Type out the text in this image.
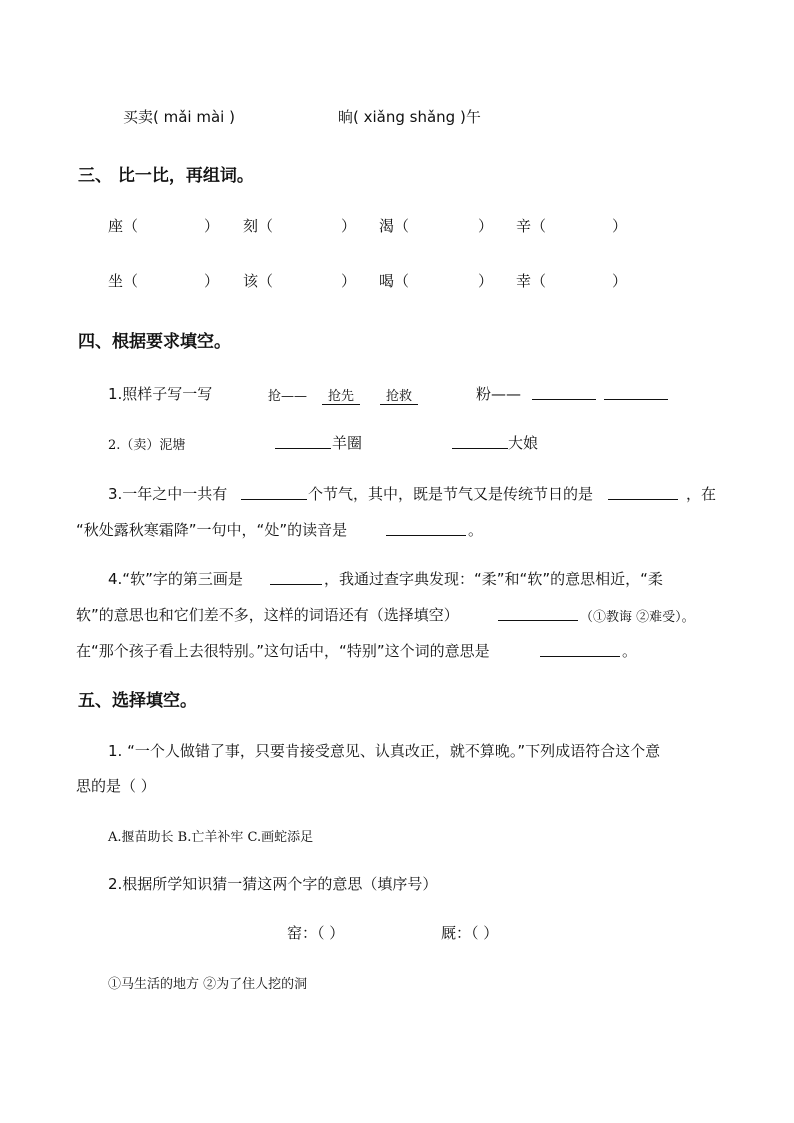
买卖( mǎi mài )	晌( xiǎng shǎng )午
三、 比一比，再组词。
座（	） 刻（	） 渴（	） 辛（	）
坐（	） 该（	） 喝（	） 幸（	）
四、根据要求填空。
1.照样子写一写	抢——	抢先	抢救	粉——
2.（卖）泥塘	羊圈	大娘
3.一年之中一共有	个节气，其中，既是节气又是传统节日的是	，在
“秋处露秋寒霜降”一句中，“处”的读音是	。
4.“软”字的第三画是	，我通过查字典发现：“柔”和“软”的意思相近，“柔
软”的意思也和它们差不多，这样的词语还有（选择填空）	（①教诲 ②难受）。
在“那个孩子看上去很特别。”这句话中，“特别”这个词的意思是	。
五、选择填空。
1. “一个人做错了事，只要肯接受意见、认真改正，就不算晚。”下列成语符合这个意
思的是（ ）
A.揠苗助长 B.亡羊补牢 C.画蛇添足
2.根据所学知识猜一猜这两个字的意思（填序号）
窑：（ ）	厩：（ ）
①马生活的地方 ②为了住人挖的洞
